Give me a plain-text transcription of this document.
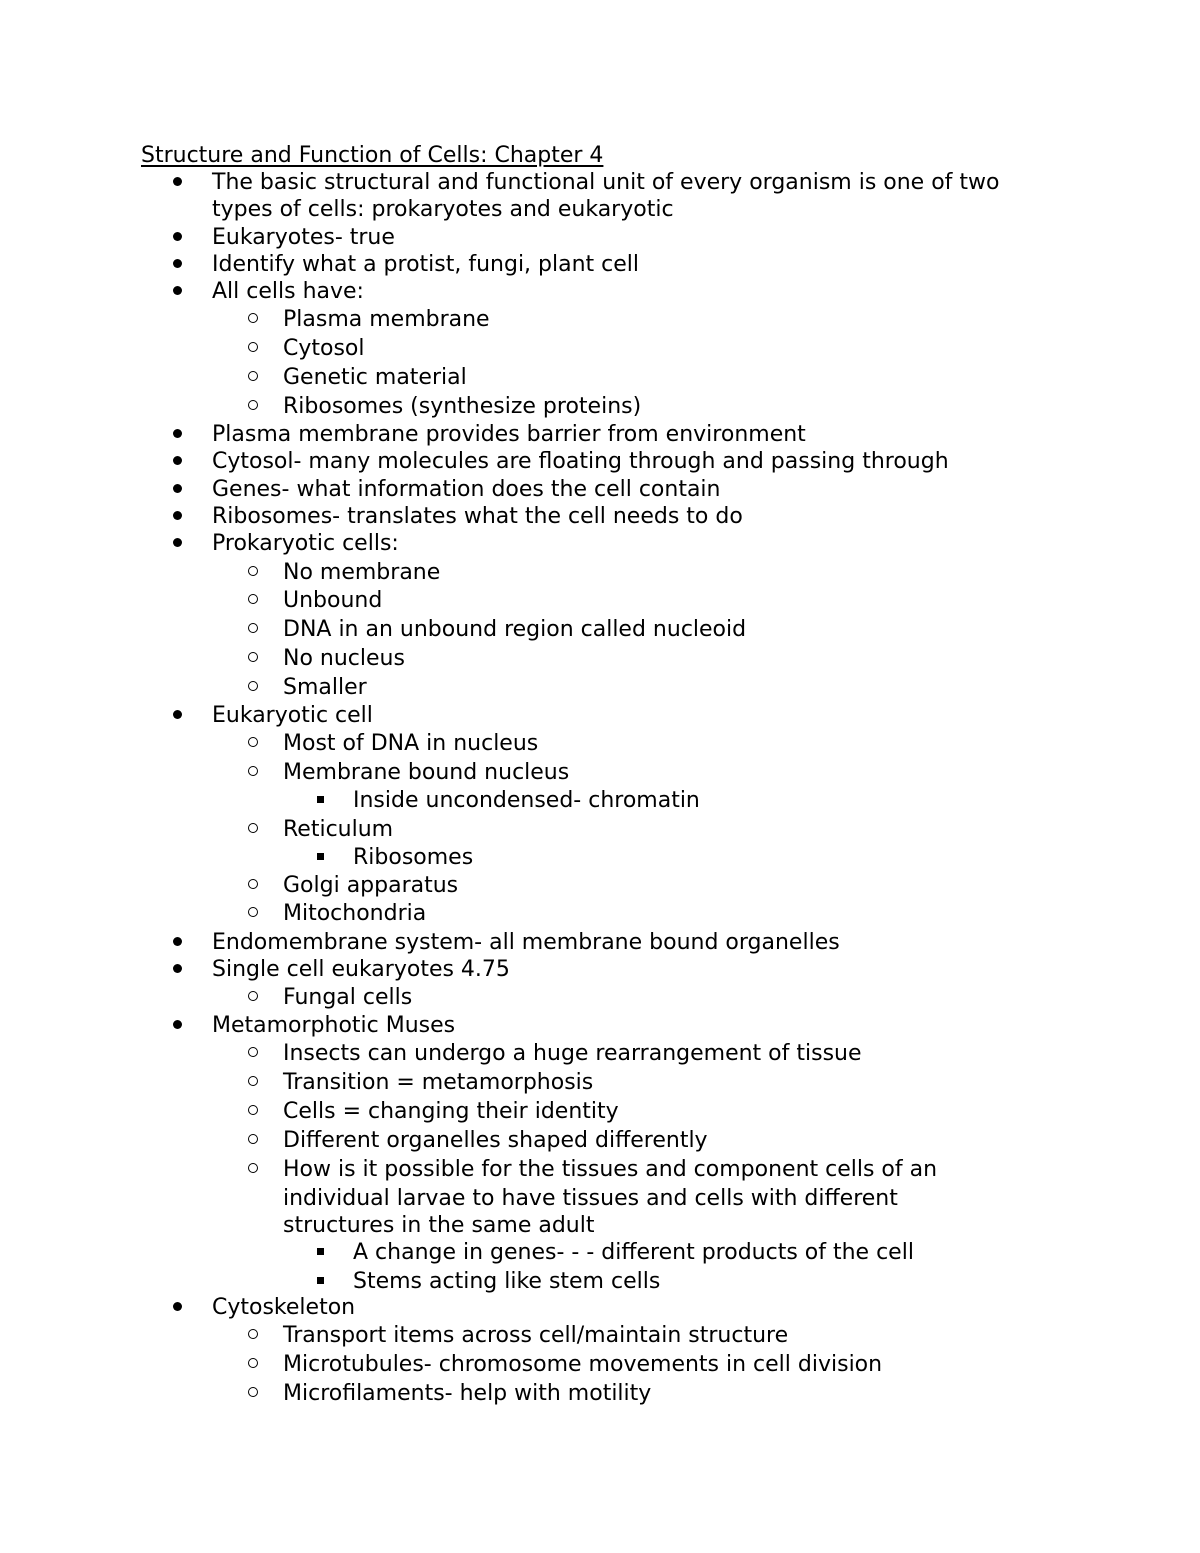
Structure and Function of Cells: Chapter 4
The basic structural and functional unit of every organism is one of two
types of cells: prokaryotes and eukaryotic
Eukaryotes- true
Identify what a protist, fungi, plant cell
All cells have:
Plasma membrane
Cytosol
Genetic material
Ribosomes (synthesize proteins)
Plasma membrane provides barrier from environment
Cytosol- many molecules are floating through and passing through
Genes- what information does the cell contain
Ribosomes- translates what the cell needs to do
Prokaryotic cells:
No membrane
Unbound
DNA in an unbound region called nucleoid
No nucleus
Smaller
Eukaryotic cell
Most of DNA in nucleus
Membrane bound nucleus
Inside uncondensed- chromatin
Reticulum
Ribosomes
Golgi apparatus
Mitochondria
Endomembrane system- all membrane bound organelles
Single cell eukaryotes 4.75
Fungal cells
Metamorphotic Muses
Insects can undergo a huge rearrangement of tissue
Transition = metamorphosis
Cells = changing their identity
Different organelles shaped differently
How is it possible for the tissues and component cells of an
individual larvae to have tissues and cells with different
structures in the same adult
A change in genes- - - different products of the cell
Stems acting like stem cells
Cytoskeleton
Transport items across cell/maintain structure
Microtubules- chromosome movements in cell division
Microfilaments- help with motility
